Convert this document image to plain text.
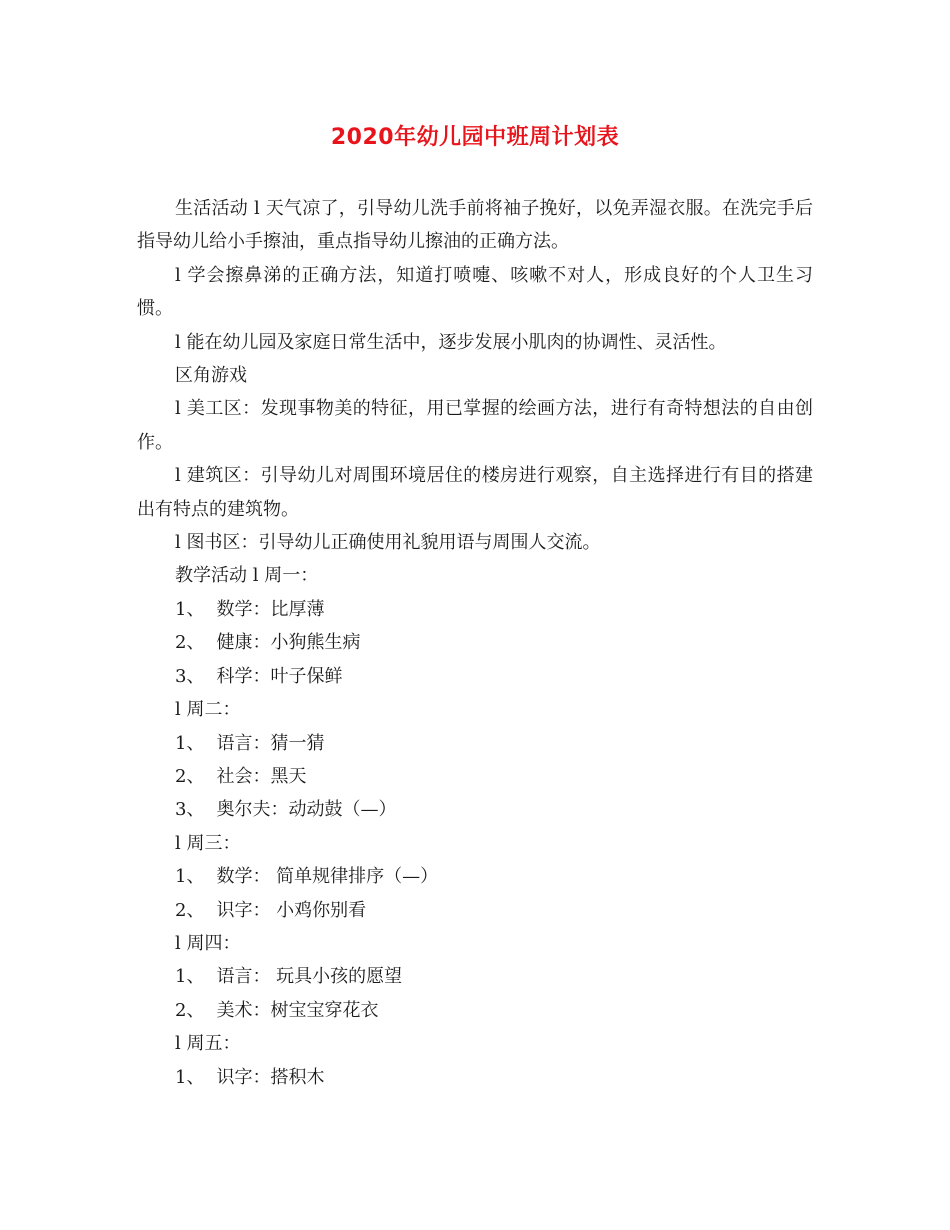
2020年幼儿园中班周计划表

生活活动 l 天气凉了，引导幼儿洗手前将袖子挽好，以免弄湿衣服。在洗完手后指导幼儿给小手擦油，重点指导幼儿擦油的正确方法。

l 学会擦鼻涕的正确方法，知道打喷嚏、咳嗽不对人，形成良好的个人卫生习惯。

l 能在幼儿园及家庭日常生活中，逐步发展小肌肉的协调性、灵活性。

区角游戏

l 美工区：发现事物美的特征，用已掌握的绘画方法，进行有奇特想法的自由创作。

l 建筑区：引导幼儿对周围环境居住的楼房进行观察，自主选择进行有目的搭建出有特点的建筑物。

l 图书区：引导幼儿正确使用礼貌用语与周围人交流。

教学活动 l 周一：

1、 数学：比厚薄

2、 健康：小狗熊生病

3、 科学：叶子保鲜

l 周二：

1、 语言：猜一猜

2、 社会：黑天

3、 奥尔夫：动动鼓（—）

l 周三：

1、 数学： 简单规律排序（—）

2、 识字： 小鸡你别看

l 周四：

1、 语言： 玩具小孩的愿望

2、 美术：树宝宝穿花衣

l 周五：

1、 识字：搭积木
